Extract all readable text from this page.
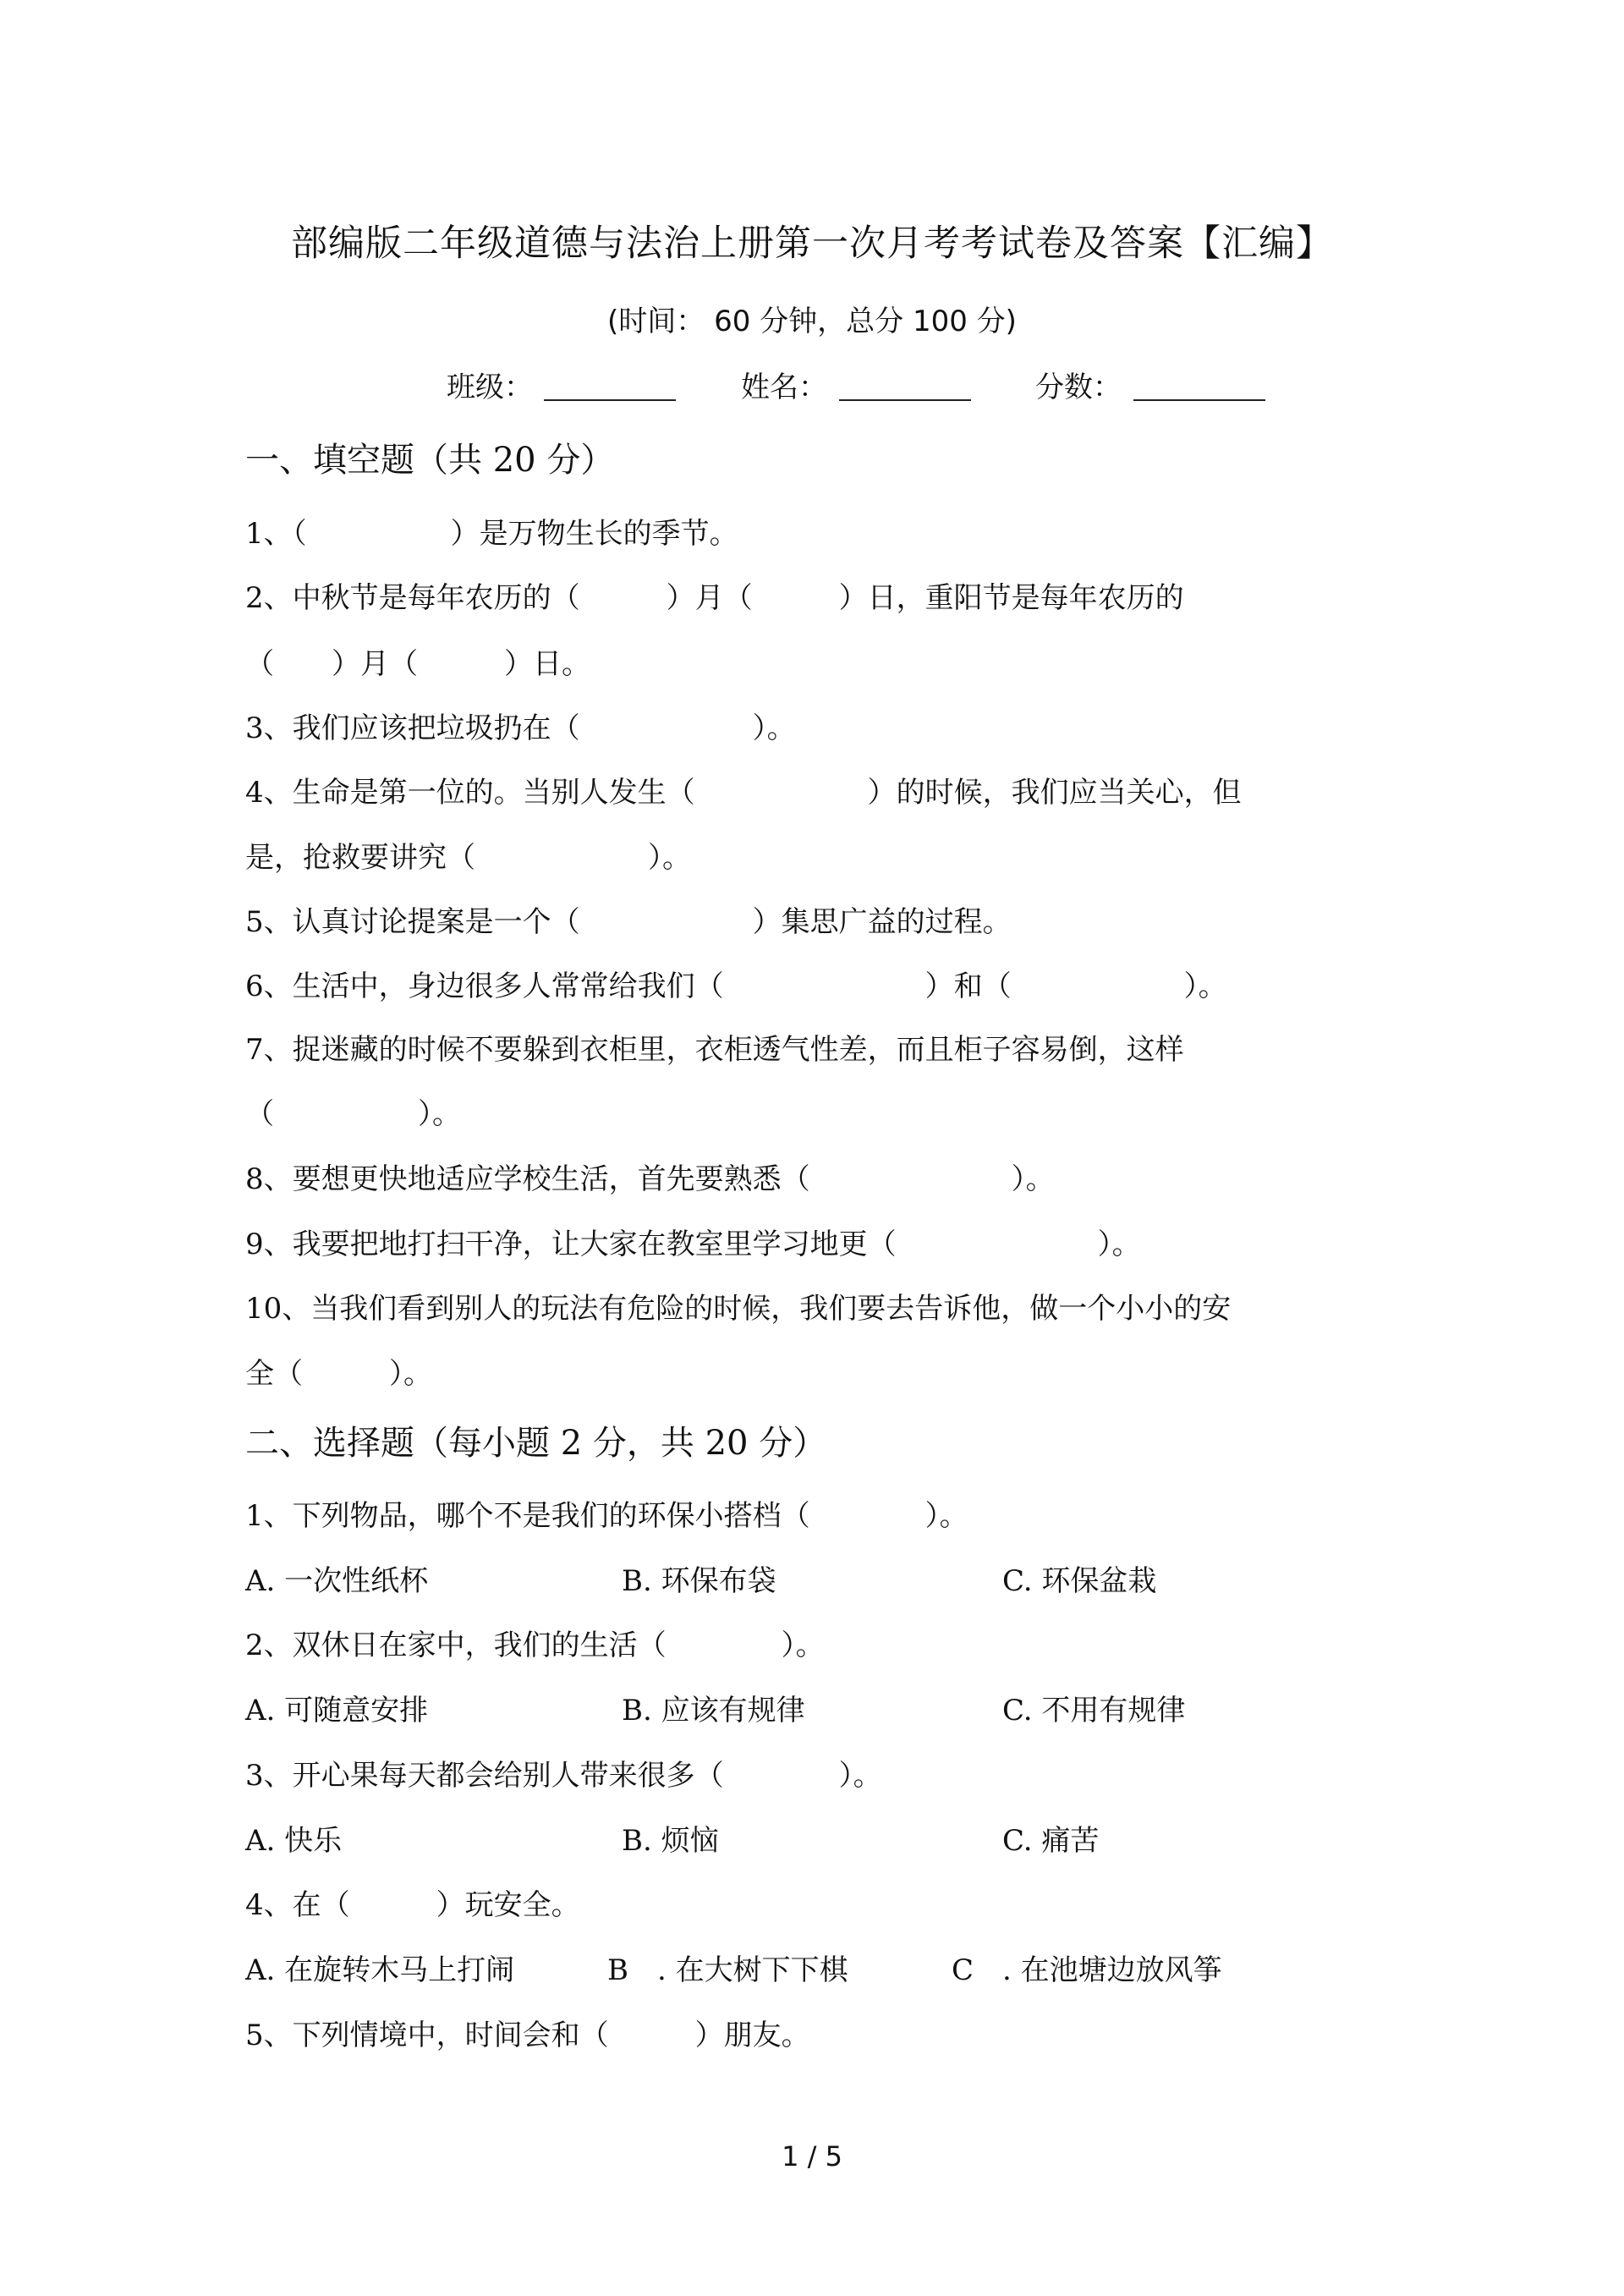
部编版二年级道德与法治上册第一次月考考试卷及答案【汇编】
(时间： 60 分钟，总分 100 分)
班级：	姓名：	分数：
一、填空题（共 20 分）
1、（　　　　　）是万物生长的季节。
2、中秋节是每年农历的（　　　）月（　　　）日，重阳节是每年农历的
（　　）月（　　　）日。
3、我们应该把垃圾扔在（　　　　　　）。
4、生命是第一位的。当别人发生（　　　　　　）的时候，我们应当关心，但
是，抢救要讲究（　　　　　　）。
5、认真讨论提案是一个（　　　　　　）集思广益的过程。
6、生活中，身边很多人常常给我们（　　　　　　　）和（　　　　　　）。
7、捉迷藏的时候不要躲到衣柜里，衣柜透气性差，而且柜子容易倒，这样
（　　　　　）。
8、要想更快地适应学校生活，首先要熟悉（　　　　　　　）。
9、我要把地打扫干净，让大家在教室里学习地更（　　　　　　　）。
10、当我们看到别人的玩法有危险的时候，我们要去告诉他，做一个小小的安
全（　　　）。
二、选择题（每小题 2 分，共 20 分）
1、下列物品，哪个不是我们的环保小搭档（　　　　）。
A. 一次性纸杯	B. 环保布袋	C. 环保盆栽
2、双休日在家中，我们的生活（　　　　）。
A. 可随意安排	B. 应该有规律	C. 不用有规律
3、开心果每天都会给别人带来很多（　　　　）。
A. 快乐	B. 烦恼	C. 痛苦
4、在（　　　）玩安全。
A. 在旋转木马上打闹	B　. 在大树下下棋	C　. 在池塘边放风筝
5、下列情境中，时间会和（　　　）朋友。
1 / 5
